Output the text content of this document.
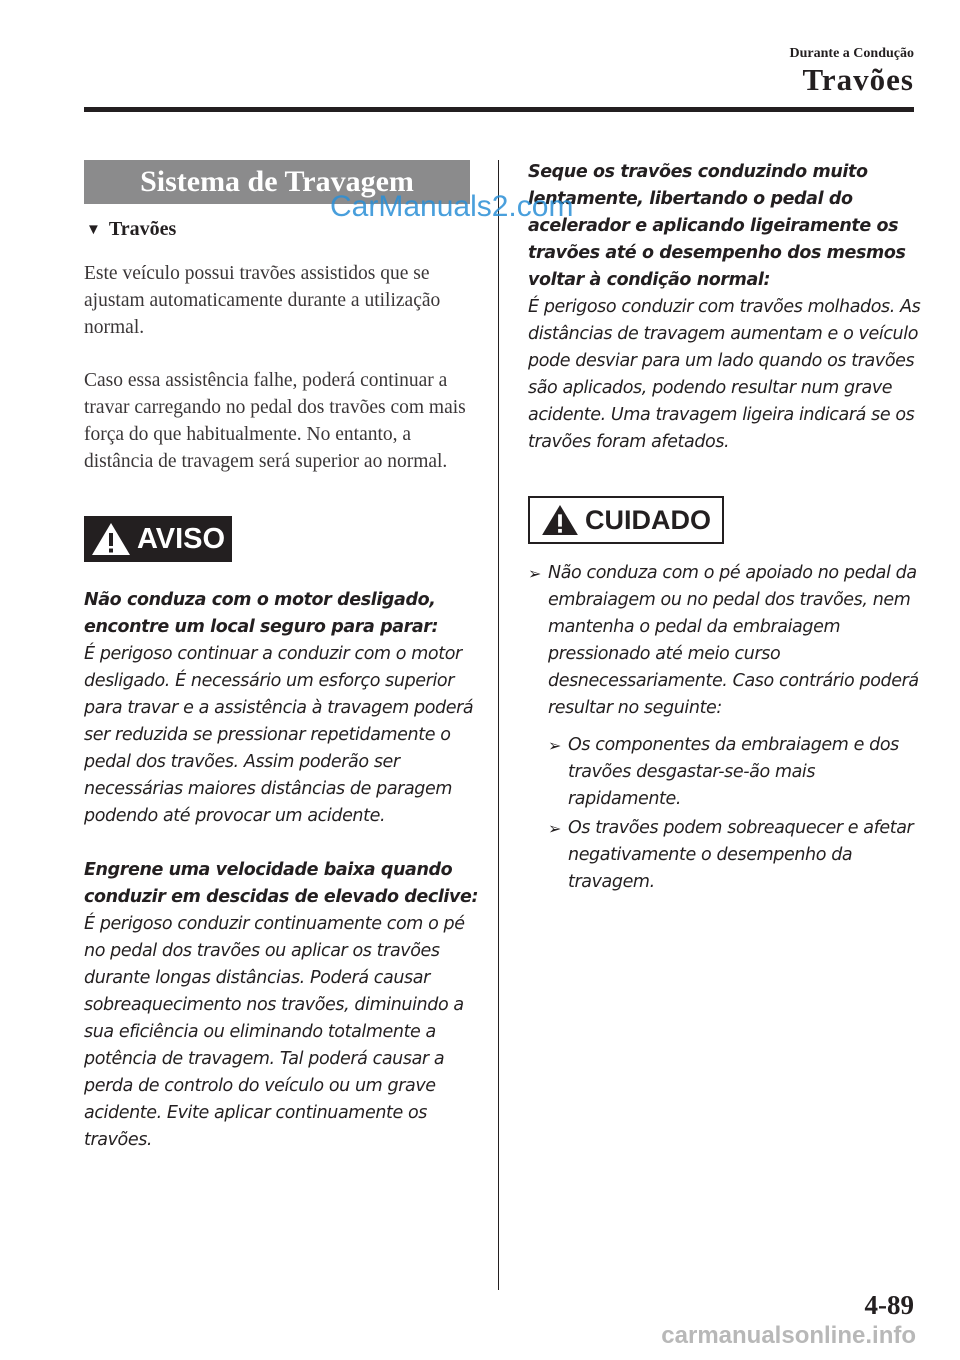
Durante a Condução
Travões
Sistema de Travagem
▼ Travões
Este veículo possui travões assistidos que se ajustam automaticamente durante a utilização normal.
Caso essa assistência falhe, poderá continuar a travar carregando no pedal dos travões com mais força do que habitualmente. No entanto, a distância de travagem será superior ao normal.
AVISO
Não conduza com o motor desligado, encontre um local seguro para parar:
É perigoso continuar a conduzir com o motor desligado. É necessário um esforço superior para travar e a assistência à travagem poderá ser reduzida se pressionar repetidamente o pedal dos travões. Assim poderão ser necessárias maiores distâncias de paragem podendo até provocar um acidente.
Engrene uma velocidade baixa quando conduzir em descidas de elevado declive:
É perigoso conduzir continuamente com o pé no pedal dos travões ou aplicar os travões durante longas distâncias. Poderá causar sobreaquecimento nos travões, diminuindo a sua eficiência ou eliminando totalmente a potência de travagem. Tal poderá causar a perda de controlo do veículo ou um grave acidente. Evite aplicar continuamente os travões.
Seque os travões conduzindo muito lentamente, libertando o pedal do acelerador e aplicando ligeiramente os travões até o desempenho dos mesmos voltar à condição normal:
É perigoso conduzir com travões molhados. As distâncias de travagem aumentam e o veículo pode desviar para um lado quando os travões são aplicados, podendo resultar num grave acidente. Uma travagem ligeira indicará se os travões foram afetados.
CUIDADO
➢ Não conduza com o pé apoiado no pedal da embraiagem ou no pedal dos travões, nem mantenha o pedal da embraiagem pressionado até meio curso desnecessariamente. Caso contrário poderá resultar no seguinte:
➢ Os componentes da embraiagem e dos travões desgastar-se-ão mais rapidamente.
➢ Os travões podem sobreaquecer e afetar negativamente o desempenho da travagem.
4-89
CarManuals2.com
carmanualsonline.info
